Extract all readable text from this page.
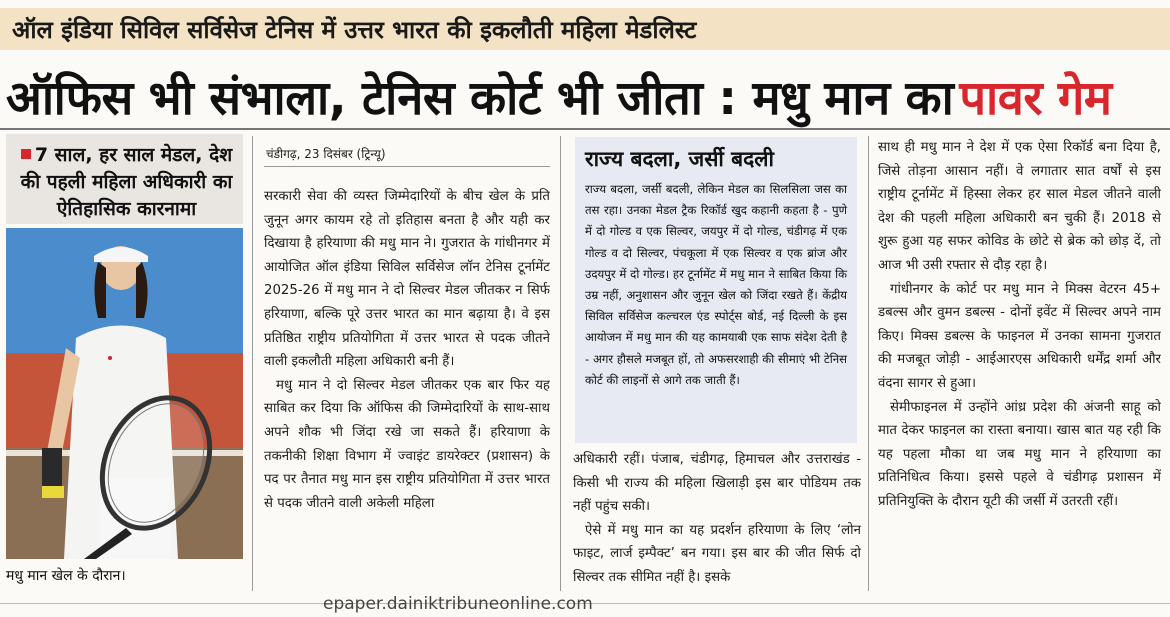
ऑल इंडिया सिविल सर्विसेज टेनिस में उत्तर भारत की इकलौती महिला मेडलिस्ट
ऑफिस भी संभाला, टेनिस कोर्ट भी जीता : मधु मान का पावर गेम
7 साल, हर साल मेडल, देश की पहली महिला अधिकारी का ऐतिहासिक कारनामा
मधु मान खेल के दौरान।
चंडीगढ़, 23 दिसंबर (ट्रिन्यू)

सरकारी सेवा की व्यस्त जिम्मेदारियों के बीच खेल के प्रति जुनून अगर कायम रहे तो इतिहास बनता है और यही कर दिखाया है हरियाणा की मधु मान ने। गुजरात के गांधीनगर में आयोजित ऑल इंडिया सिविल सर्विसेज लॉन टेनिस टूर्नामेंट 2025-26 में मधु मान ने दो सिल्वर मेडल जीतकर न सिर्फ हरियाणा, बल्कि पूरे उत्तर भारत का मान बढ़ाया है। वे इस प्रतिष्ठित राष्ट्रीय प्रतियोगिता में उत्तर भारत से पदक जीतने वाली इकलौती महिला अधिकारी बनी हैं।

मधु मान ने दो सिल्वर मेडल जीतकर एक बार फिर यह साबित कर दिया कि ऑफिस की जिम्मेदारियों के साथ-साथ अपने शौक भी जिंदा रखे जा सकते हैं। हरियाणा के तकनीकी शिक्षा विभाग में ज्वाइंट डायरेक्टर (प्रशासन) के पद पर तैनात मधु मान इस राष्ट्रीय प्रतियोगिता में उत्तर भारत से पदक जीतने वाली अकेली महिला

राज्य बदला, जर्सी बदली
राज्य बदला, जर्सी बदली, लेकिन मेडल का सिलसिला जस का तस रहा। उनका मेडल ट्रैक रिकॉर्ड खुद कहानी कहता है - पुणे में दो गोल्ड व एक सिल्वर, जयपुर में दो गोल्ड, चंडीगढ़ में एक गोल्ड व दो सिल्वर, पंचकूला में एक सिल्वर व एक ब्रांज और उदयपुर में दो गोल्ड। हर टूर्नामेंट में मधु मान ने साबित किया कि उम्र नहीं, अनुशासन और जुनून खेल को जिंदा रखते हैं। केंद्रीय सिविल सर्विसेज कल्चरल एंड स्पोर्ट्स बोर्ड, नई दिल्ली के इस आयोजन में मधु मान की यह कामयाबी एक साफ संदेश देती है - अगर हौसले मजबूत हों, तो अफसरशाही की सीमाएं भी टेनिस कोर्ट की लाइनों से आगे तक जाती हैं।

अधिकारी रहीं। पंजाब, चंडीगढ़, हिमाचल और उत्तराखंड - किसी भी राज्य की महिला खिलाड़ी इस बार पोडियम तक नहीं पहुंच सकी।

ऐसे में मधु मान का यह प्रदर्शन हरियाणा के लिए ‘लोन फाइट, लार्ज इम्पैक्ट’ बन गया। इस बार की जीत सिर्फ दो सिल्वर तक सीमित नहीं है। इसके

साथ ही मधु मान ने देश में एक ऐसा रिकॉर्ड बना दिया है, जिसे तोड़ना आसान नहीं। वे लगातार सात वर्षों से इस राष्ट्रीय टूर्नामेंट में हिस्सा लेकर हर साल मेडल जीतने वाली देश की पहली महिला अधिकारी बन चुकी हैं। 2018 से शुरू हुआ यह सफर कोविड के छोटे से ब्रेक को छोड़ दें, तो आज भी उसी रफ्तार से दौड़ रहा है।

गांधीनगर के कोर्ट पर मधु मान ने मिक्स वेटरन 45+ डबल्स और वुमन डबल्स - दोनों इवेंट में सिल्वर अपने नाम किए। मिक्स डबल्स के फाइनल में उनका सामना गुजरात की मजबूत जोड़ी - आईआरएस अधिकारी धर्मेंद्र शर्मा और वंदना सागर से हुआ।

सेमीफाइनल में उन्होंने आंध्र प्रदेश की अंजनी साहू को मात देकर फाइनल का रास्ता बनाया। खास बात यह रही कि यह पहला मौका था जब मधु मान ने हरियाणा का प्रतिनिधित्व किया। इससे पहले वे चंडीगढ़ प्रशासन में प्रतिनियुक्ति के दौरान यूटी की जर्सी में उतरती रहीं।

epaper.dainiktribuneonline.com
